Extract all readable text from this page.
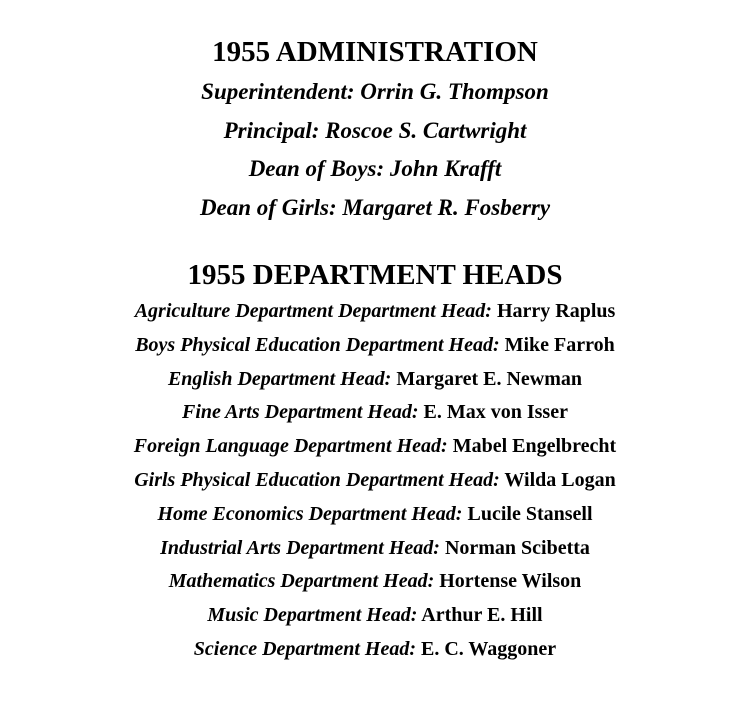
1955 ADMINISTRATION
Superintendent: Orrin G. Thompson
Principal: Roscoe S. Cartwright
Dean of Boys: John Krafft
Dean of Girls: Margaret R. Fosberry
1955 DEPARTMENT HEADS
Agriculture Department Department Head: Harry Raplus
Boys Physical Education Department Head: Mike Farroh
English Department Head: Margaret E. Newman
Fine Arts Department Head: E. Max von Isser
Foreign Language Department Head: Mabel Engelbrecht
Girls Physical Education Department Head: Wilda Logan
Home Economics Department Head: Lucile Stansell
Industrial Arts Department Head: Norman Scibetta
Mathematics Department Head: Hortense Wilson
Music Department Head: Arthur E. Hill
Science Department Head: E. C. Waggoner
